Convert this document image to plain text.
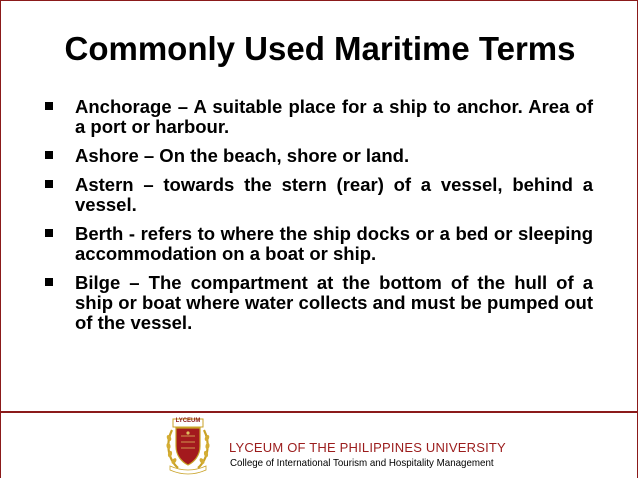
Commonly Used Maritime Terms
Anchorage – A suitable place for a ship to anchor. Area of a port or harbour.
Ashore – On the beach, shore or land.
Astern – towards the stern (rear) of a vessel, behind a vessel.
Berth - refers to where the ship docks or a bed or sleeping accommodation on a boat or ship.
Bilge – The compartment at the bottom of the hull of a ship or boat where water collects and must be pumped out of the vessel.
LYCEUM
LYCEUM OF THE PHILIPPINES UNIVERSITY
College of International Tourism and Hospitality Management
